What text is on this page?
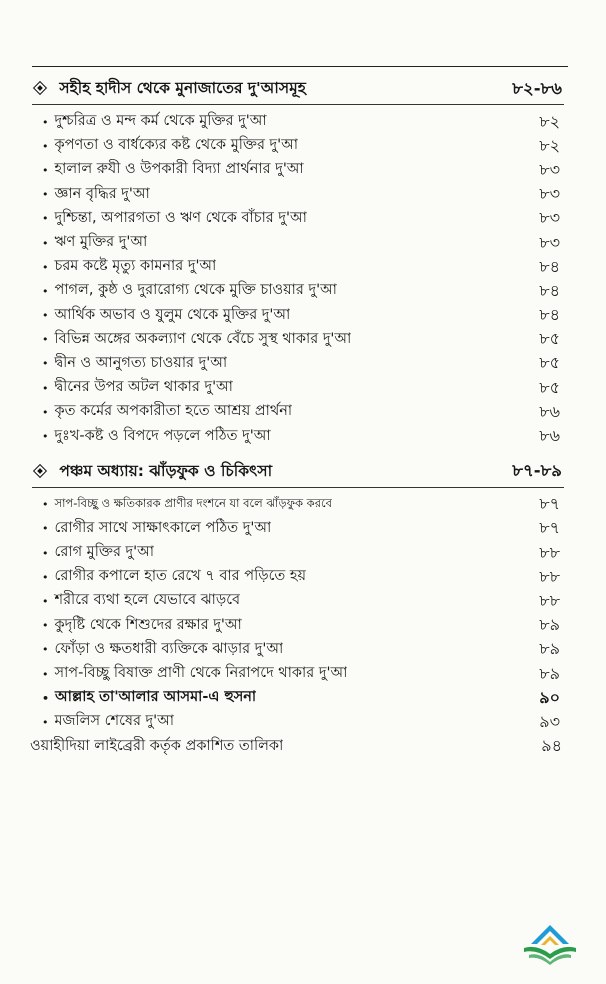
সহীহ হাদীস থেকে মুনাজাতের দু'আসমূহ	৮২-৮৬
• দুশ্চরিত্র ও মন্দ কর্ম থেকে মুক্তির দু'আ	৮২
• কৃপণতা ও বার্ধক্যের কষ্ট থেকে মুক্তির দু'আ	৮২
• হালাল রুযী ও উপকারী বিদ্যা প্রার্থনার দু'আ	৮৩
• জ্ঞান বৃদ্ধির দু'আ	৮৩
• দুশ্চিন্তা, অপারগতা ও ঋণ থেকে বাঁচার দু'আ	৮৩
• ঋণ মুক্তির দু'আ	৮৩
• চরম কষ্টে মৃত্যু কামনার দু'আ	৮৪
• পাগল, কুষ্ঠ ও দুরারোগ্য থেকে মুক্তি চাওয়ার দু'আ	৮৪
• আর্থিক অভাব ও যুলুম থেকে মুক্তির দু'আ	৮৪
• বিভিন্ন অঙ্গের অকল্যাণ থেকে বেঁচে সুস্থ থাকার দু'আ	৮৫
• দ্বীন ও আনুগত্য চাওয়ার দু'আ	৮৫
• দ্বীনের উপর অটল থাকার দু'আ	৮৫
• কৃত কর্মের অপকারীতা হতে আশ্রয় প্রার্থনা	৮৬
• দুঃখ-কষ্ট ও বিপদে পড়লে পঠিত দু'আ	৮৬
পঞ্চম অধ্যায়: ঝাঁড়ফুক ও চিকিৎসা	৮৭-৮৯
• সাপ-বিচ্ছু ও ক্ষতিকারক প্রাণীর দংশনে যা বলে ঝাঁড়ফুক করবে	৮৭
• রোগীর সাথে সাক্ষাৎকালে পঠিত দু'আ	৮৭
• রোগ মুক্তির দু'আ	৮৮
• রোগীর কপালে হাত রেখে ৭ বার পড়িতে হয়	৮৮
• শরীরে ব্যথা হলে যেভাবে ঝাড়বে	৮৮
• কুদৃষ্টি থেকে শিশুদের রক্ষার দু'আ	৮৯
• ফোঁড়া ও ক্ষতধারী ব্যক্তিকে ঝাড়ার দু'আ	৮৯
• সাপ-বিচ্ছু বিষাক্ত প্রাণী থেকে নিরাপদে থাকার দু'আ	৮৯
• আল্লাহ তা'আলার আসমা-এ হুসনা	৯০
• মজলিস শেষের দু'আ	৯৩
ওয়াহীদিয়া লাইব্রেরী কর্তৃক প্রকাশিত তালিকা	৯৪
